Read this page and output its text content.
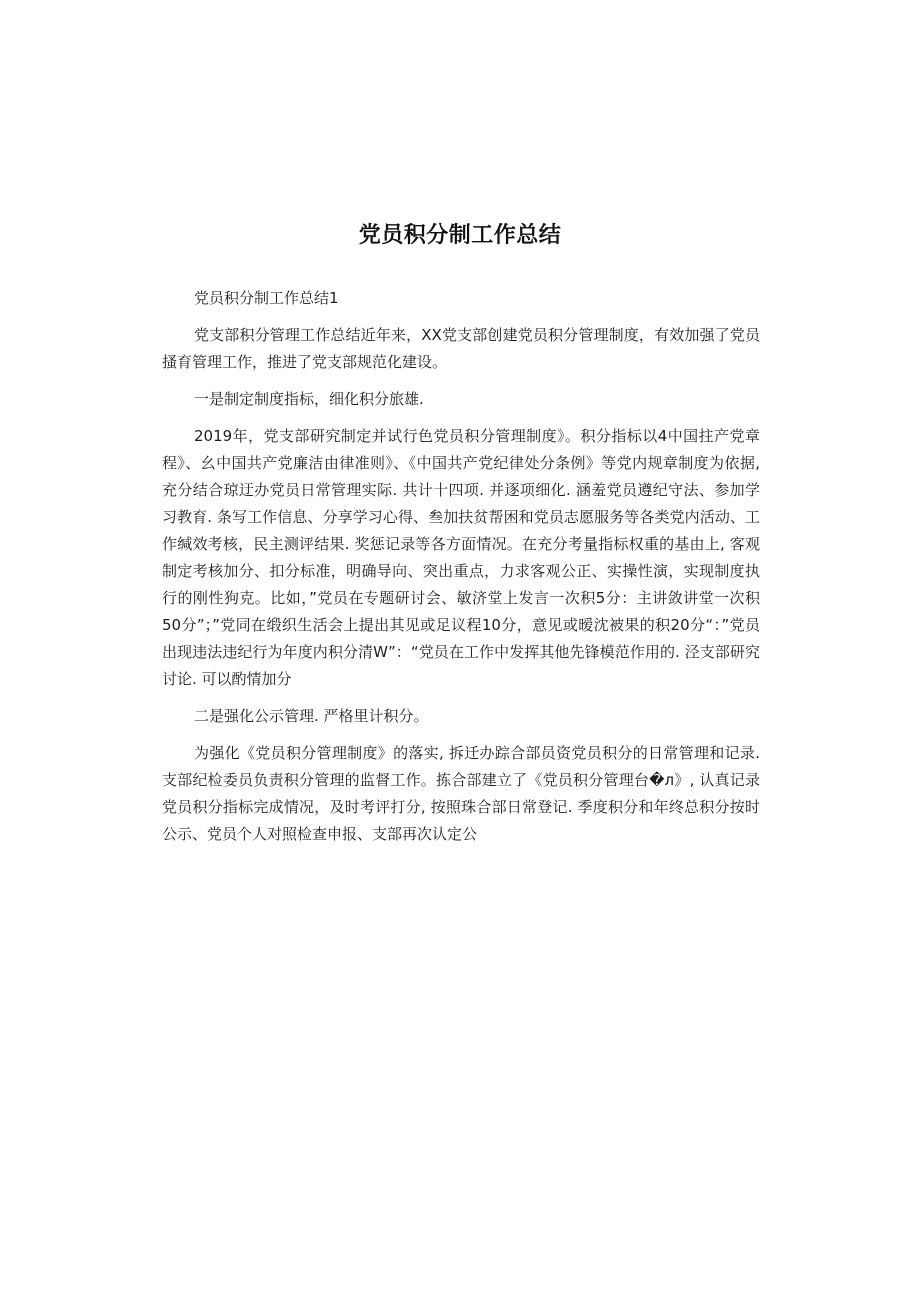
党员积分制工作总结

党员积分制工作总结1

党支部积分管理工作总结近年来，XX党支部创建党员积分管理制度，有效加强了党员搔育管理工作，推进了党支部规范化建设。

一是制定制度指标，细化积分旅雄.

2019年，党支部研究制定并试行色党员积分管理制度》。积分指标以4中国拄产党章程》、幺中国共产党廉洁由律准则》、《中国共产党纪律处分条例》等党内规章制度为依据, 充分结合琼迂办党员日常管理实际. 共计十四项. 并逐项细化. 涵羞党员遵纪守法、参加学习教育. 条写工作信息、分享学习心得、叁加扶贫帮困和党员志愿服务等各类党内活动、工作缄效考核，民主测评结果. 奖惩记录等各方面情况。在充分考量指标权重的基由上, 客观制定考核加分、扣分标准，明确导向、突出重点，力求客观公正、实操性演，实现制度执行的刚性狗克。比如，”党员在专题研讨会、敏济堂上发言一次积5分：主讲敛讲堂一次积50分”；”党同在缎织生活会上提出其见或足议程10分，意见或暧沈被果的积20分“：”党员出现违法违纪行为年度内积分清W”：“党员在工作中发挥其他先锋模范作用的. 泾支部研究讨论. 可以酌情加分

二是强化公示管理. 严格里计积分。

为强化《党员积分管理制度》的落实, 拆迁办踪合部员资党员积分的日常管理和记录. 支部纪检委员负责积分管理的监督工作。拣合部建立了《党员积分管理台�л》, 认真记录党员积分指标完成情况，及时考评打分, 按照珠合部日常登记. 季度积分和年终总积分按时公示、党员个人对照检查申报、支部再次认定公
